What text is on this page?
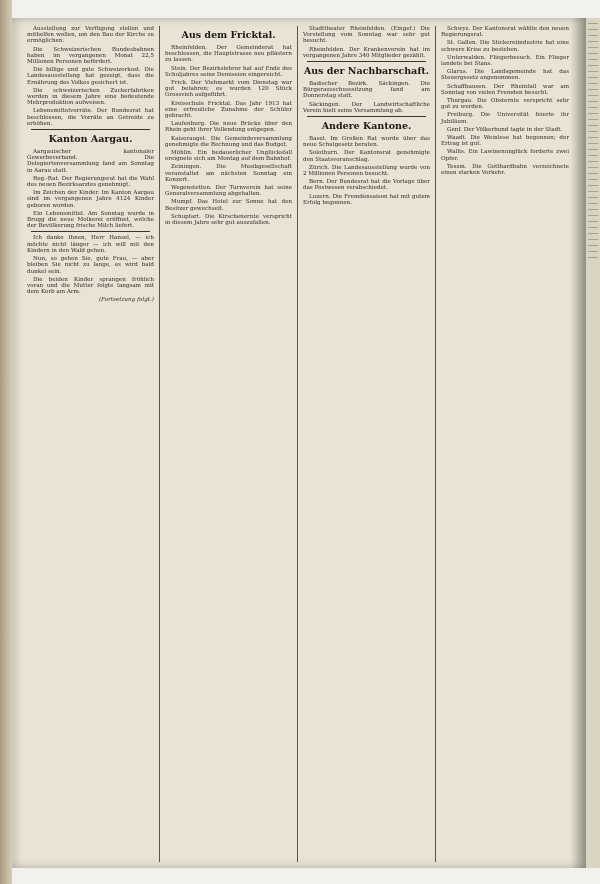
Ausstellung zur Verfügung stellen und mithelfen wollen, um den Bau der Kirche zu ermöglichen.

Die Schweizerischen Bundesbahnen haben im vergangenen Monat 22,5 Millionen Personen befördert.

Die billige und gute Schweizerkost. Die Landesausstellung hat gezeigt, dass die Ernährung des Volkes gesichert ist.

Die schweizerischen Zuckerfabriken werden in diesem Jahre eine bedeutende Mehrproduktion aufweisen.

Lebensmittelvorräte. Der Bundesrat hat beschlossen, die Vorräte an Getreide zu erhöhen.

Kanton Aargau.

Aargauischer kantonaler Gewerbeverband. Die Delegiertenversammlung fand am Sonntag in Aarau statt.

Reg.-Rat. Der Regierungsrat hat die Wahl des neuen Bezirksarztes genehmigt.

Im Zeichen der Kinder. Im Kanton Aargau sind im vergangenen Jahre 4124 Kinder geboren worden.

Ein Lebensmittel. Am Sonntag wurde in Brugg die neue Molkerei eröffnet, welche der Bevölkerung frische Milch liefert.

Ich danke Ihnen, Herr Hansel, — ich möchte nicht länger — ich will mit den Kindern in den Wald gehen.

Nun, so gehen Sie, gute Frau, — aber bleiben Sie nicht zu lange, es wird bald dunkel sein.

Die beiden Kinder sprangen fröhlich voran und die Mutter folgte langsam mit dem Korb am Arm.

(Fortsetzung folgt.)
Aus dem Fricktal.

Rheinfelden. Der Gemeinderat hat beschlossen, die Hauptstrasse neu pflästern zu lassen.

Stein. Der Bezirkslehrer hat auf Ende des Schuljahres seine Demission eingereicht.

Frick. Der Viehmarkt vom Dienstag war gut befahren; es wurden 120 Stück Grossvieh aufgeführt.

Kreisschule Fricktal. Das Jahr 1913 hat eine erfreuliche Zunahme der Schüler gebracht.

Laufenburg. Die neue Brücke über den Rhein geht ihrer Vollendung entgegen.

Kaiseraugst. Die Gemeindeversammlung genehmigte die Rechnung und das Budget.

Möhlin. Ein bedauerlicher Unglücksfall ereignete sich am Montag auf dem Bahnhof.

Zeiningen. Die Musikgesellschaft veranstaltet am nächsten Sonntag ein Konzert.

Wegenstetten. Der Turnverein hat seine Generalversammlung abgehalten.

Mumpf. Das Hotel zur Sonne hat den Besitzer gewechselt.

Schupfart. Die Kirschenernte verspricht in diesem Jahre sehr gut auszufallen.

Stadttheater Rheinfelden. (Eingef.) Die Vorstellung vom Sonntag war sehr gut besucht.

Rheinfelden. Der Krankenverein hat im vergangenen Jahre 340 Mitglieder gezählt.

Aus der Nachbarschaft.

Badischer Bezirk. Säckingen. Die Bürgerausschusssitzung fand am Donnerstag statt.

Säckingen. Der Landwirtschaftliche Verein hielt seine Versammlung ab.

Andere Kantone.

Basel. Im Großen Rat wurde über das neue Schulgesetz beraten.

Solothurn. Der Kantonsrat genehmigte den Staatsvoranschlag.

Zürich. Die Landesausstellung wurde von 2 Millionen Personen besucht.

Bern. Der Bundesrat hat die Vorlage über das Postwesen verabschiedet.

Luzern. Die Fremdensaison hat mit gutem Erfolg begonnen.

Schwyz. Der Kantonsrat wählte den neuen Regierungsrat.

St. Gallen. Die Stickereiindustrie hat eine schwere Krise zu bestehen.

Unterwalden. Fliegerbesuch. Ein Flieger landete bei Stans.

Glarus. Die Landsgemeinde hat das Steuergesetz angenommen.

Schaffhausen. Der Rheinfall war am Sonntag von vielen Fremden besucht.

Thurgau. Die Obsternte verspricht sehr gut zu werden.

Freiburg. Die Universität feierte ihr Jubiläum.

Genf. Der Völkerbund tagte in der Stadt.

Waadt. Die Weinlese hat begonnen; der Ertrag ist gut.

Wallis. Ein Lawinenunglück forderte zwei Opfer.

Tessin. Die Gotthardbahn verzeichnete einen starken Verkehr.
